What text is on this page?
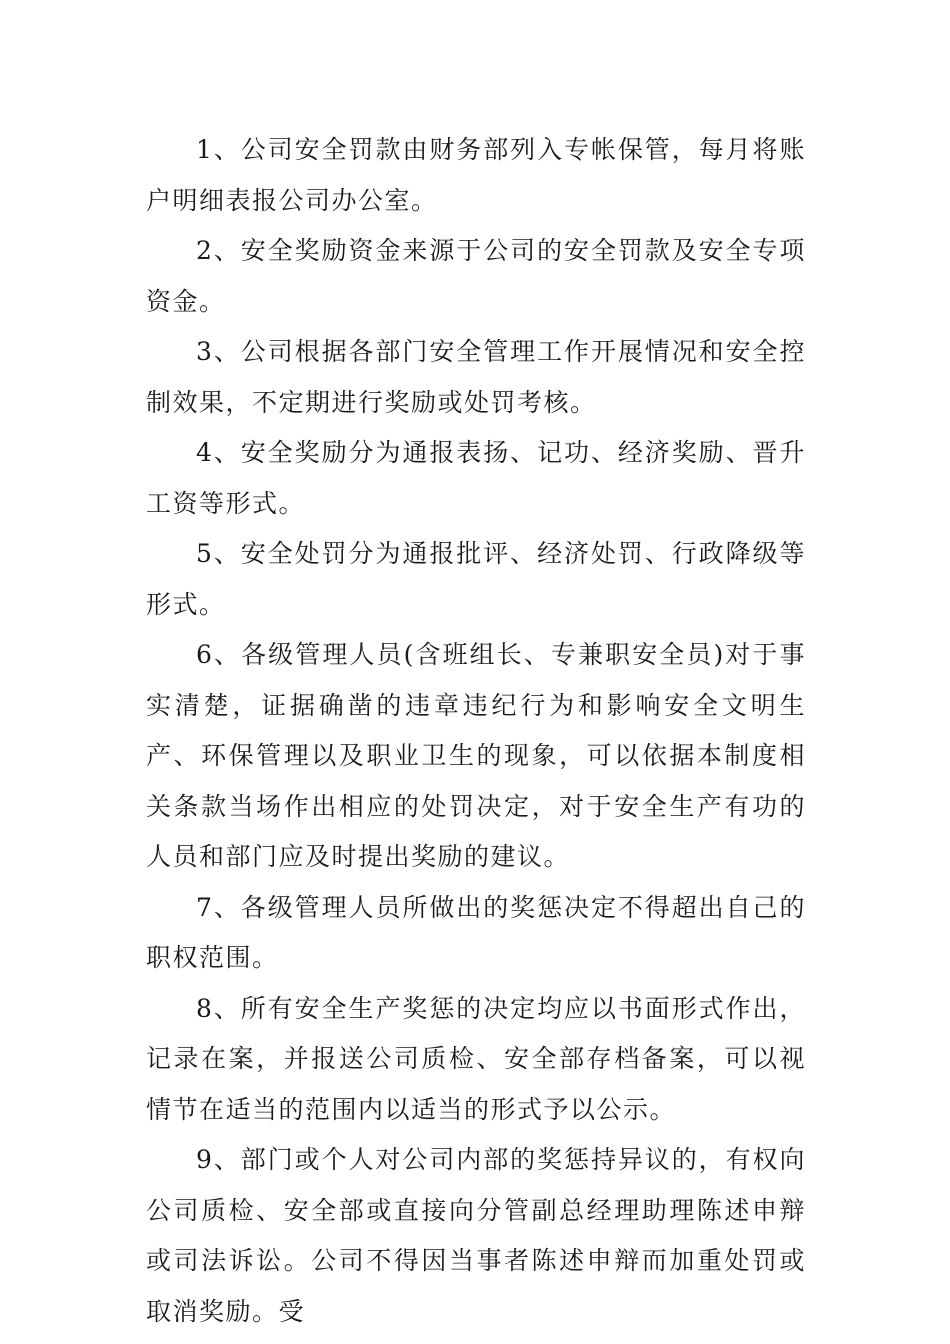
1、公司安全罚款由财务部列入专帐保管，每月将账户明细表报公司办公室。

2、安全奖励资金来源于公司的安全罚款及安全专项资金。

3、公司根据各部门安全管理工作开展情况和安全控制效果，不定期进行奖励或处罚考核。

4、安全奖励分为通报表扬、记功、经济奖励、晋升工资等形式。

5、安全处罚分为通报批评、经济处罚、行政降级等形式。

6、各级管理人员(含班组长、专兼职安全员)对于事实清楚，证据确凿的违章违纪行为和影响安全文明生产、环保管理以及职业卫生的现象，可以依据本制度相关条款当场作出相应的处罚决定，对于安全生产有功的人员和部门应及时提出奖励的建议。

7、各级管理人员所做出的奖惩决定不得超出自己的职权范围。

8、所有安全生产奖惩的决定均应以书面形式作出，记录在案，并报送公司质检、安全部存档备案，可以视情节在适当的范围内以适当的形式予以公示。

9、部门或个人对公司内部的奖惩持异议的，有权向公司质检、安全部或直接向分管副总经理助理陈述申辩或司法诉讼。公司不得因当事者陈述申辩而加重处罚或取消奖励。受
